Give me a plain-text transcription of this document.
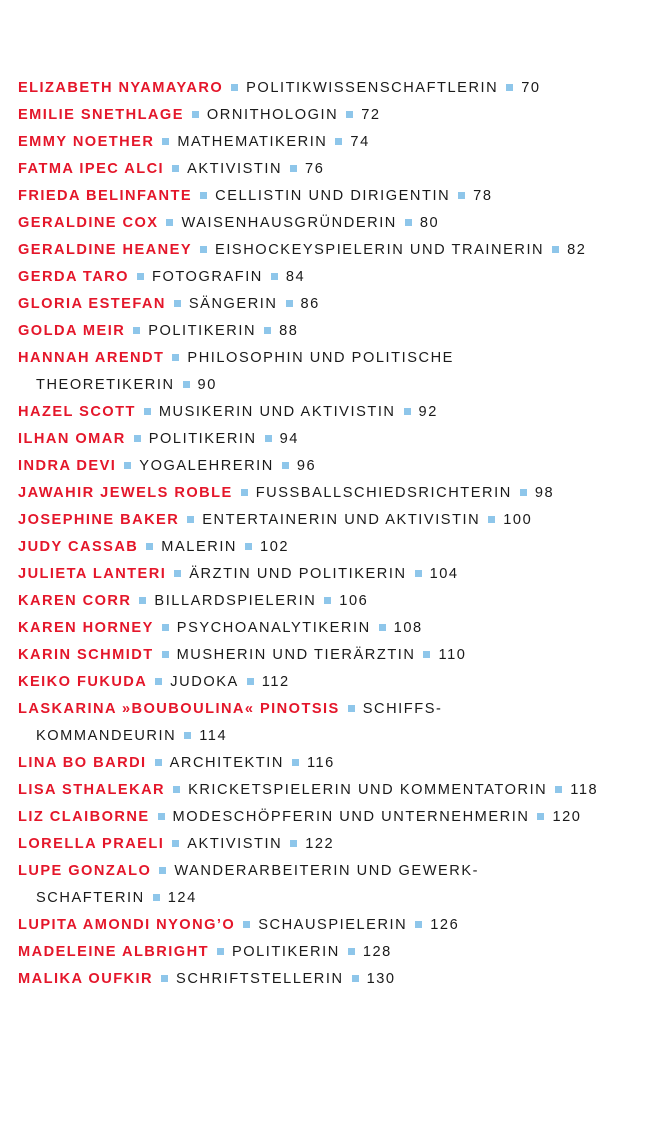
ELIZABETH NYAMAYARO POLITIKWISSENSCHAFTLERIN 70
EMILIE SNETHLAGE ORNITHOLOGIN 72
EMMY NOETHER MATHEMATIKERIN 74
FATMA IPEC ALCI AKTIVISTIN 76
FRIEDA BELINFANTE CELLISTIN UND DIRIGENTIN 78
GERALDINE COX WAISENHAUSGRÜNDERIN 80
GERALDINE HEANEY EISHOCKEYSPIELERIN UND TRAINERIN 82
GERDA TARO FOTOGRAFIN 84
GLORIA ESTEFAN SÄNGERIN 86
GOLDA MEIR POLITIKERIN 88
HANNAH ARENDT PHILOSOPHIN UND POLITISCHE
THEORETIKERIN 90
HAZEL SCOTT MUSIKERIN UND AKTIVISTIN 92
ILHAN OMAR POLITIKERIN 94
INDRA DEVI YOGALEHRERIN 96
JAWAHIR JEWELS ROBLE FUSSBALLSCHIEDSRICHTERIN 98
JOSEPHINE BAKER ENTERTAINERIN UND AKTIVISTIN 100
JUDY CASSAB MALERIN 102
JULIETA LANTERI ÄRZTIN UND POLITIKERIN 104
KAREN CORR BILLARDSPIELERIN 106
KAREN HORNEY PSYCHOANALYTIKERIN 108
KARIN SCHMIDT MUSHERIN UND TIERÄRZTIN 110
KEIKO FUKUDA JUDOKA 112
LASKARINA »BOUBOULINA« PINOTSIS SCHIFFS-
KOMMANDEURIN 114
LINA BO BARDI ARCHITEKTIN 116
LISA STHALEKAR KRICKETSPIELERIN UND KOMMENTATORIN 118
LIZ CLAIBORNE MODESCHÖPFERIN UND UNTERNEHMERIN 120
LORELLA PRAELI AKTIVISTIN 122
LUPE GONZALO WANDERARBEITERIN UND GEWERK-
SCHAFTERIN 124
LUPITA AMONDI NYONG’O SCHAUSPIELERIN 126
MADELEINE ALBRIGHT POLITIKERIN 128
MALIKA OUFKIR SCHRIFTSTELLERIN 130
